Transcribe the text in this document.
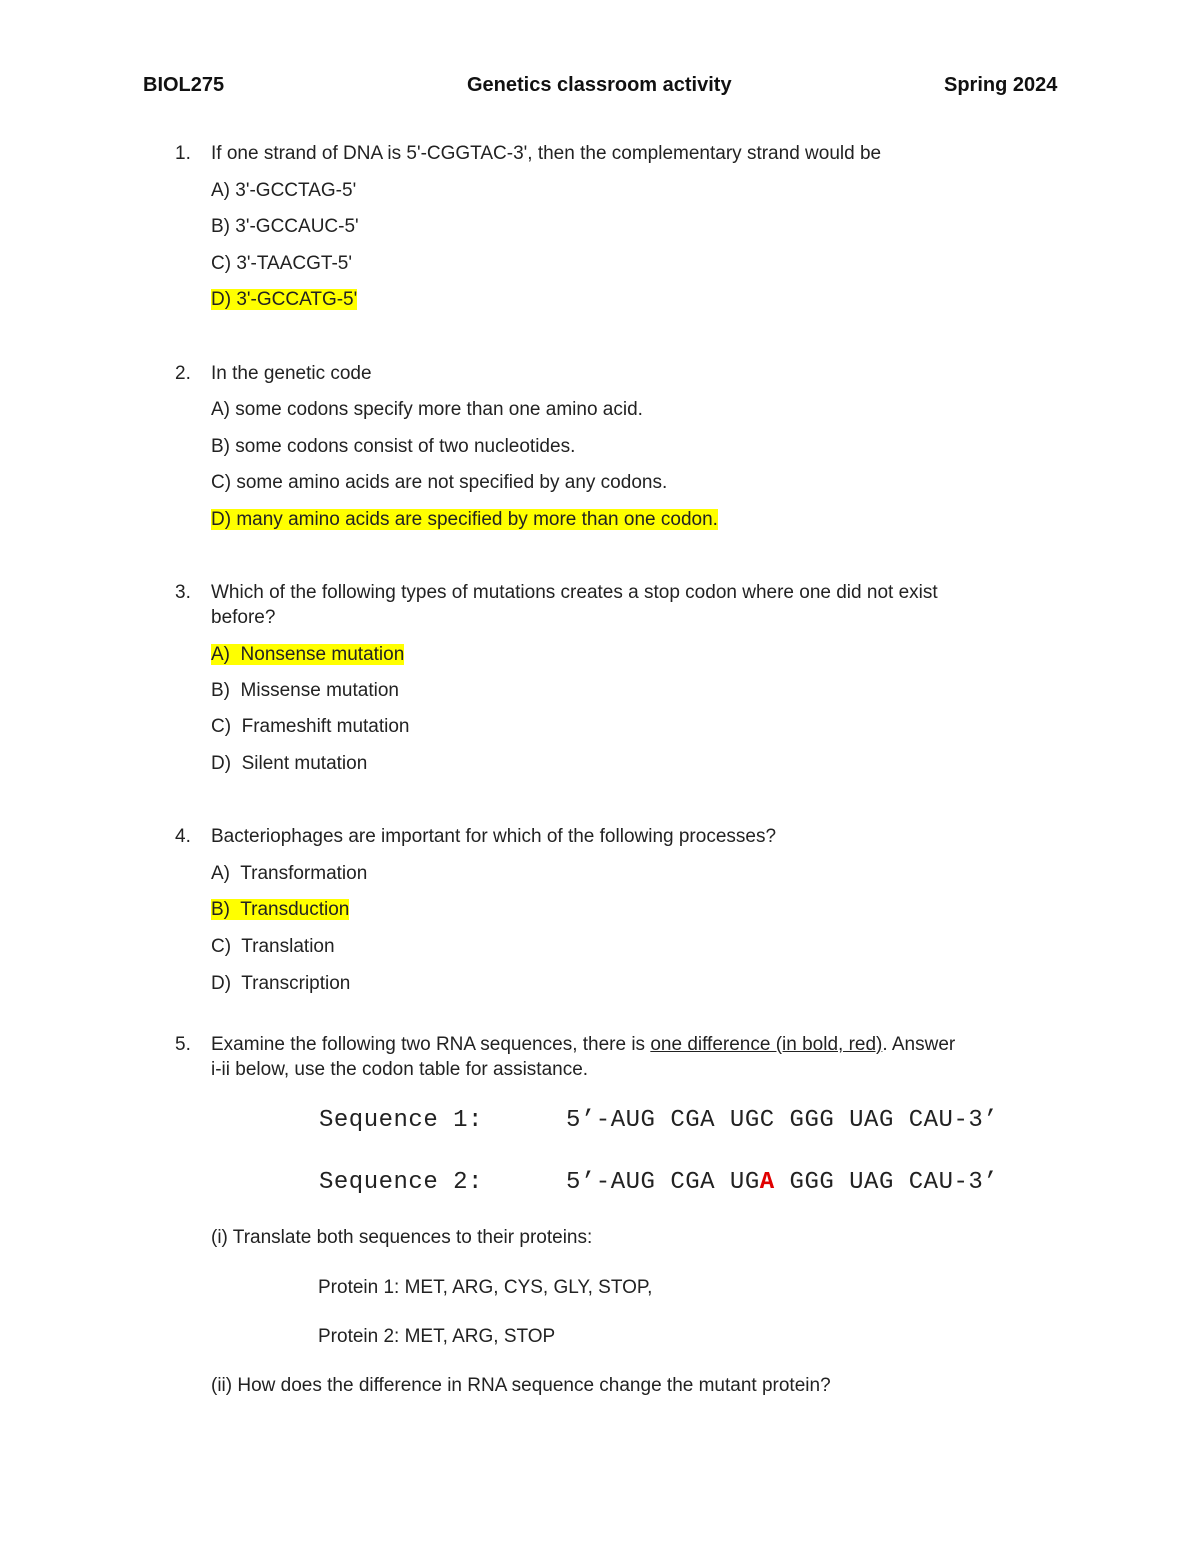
BIOL275	Genetics classroom activity	Spring 2024
1. If one strand of DNA is 5'-CGGTAC-3', then the complementary strand would be
A) 3'-GCCTAG-5'
B) 3'-GCCAUC-5'
C) 3'-TAACGT-5'
D) 3'-GCCATG-5'
2. In the genetic code
A) some codons specify more than one amino acid.
B) some codons consist of two nucleotides.
C) some amino acids are not specified by any codons.
D) many amino acids are specified by more than one codon.
3. Which of the following types of mutations creates a stop codon where one did not exist
before?
A)  Nonsense mutation
B)  Missense mutation
C)  Frameshift mutation
D)  Silent mutation
4. Bacteriophages are important for which of the following processes?
A)  Transformation
B)  Transduction
C)  Translation
D)  Transcription
5. Examine the following two RNA sequences, there is one difference (in bold, red). Answer
i-ii below, use the codon table for assistance.
Sequence 1:	5’-AUG CGA UGC GGG UAG CAU-3’
Sequence 2:	5’-AUG CGA UGA GGG UAG CAU-3’
(i) Translate both sequences to their proteins:
Protein 1: MET, ARG, CYS, GLY, STOP,
Protein 2: MET, ARG, STOP
(ii) How does the difference in RNA sequence change the mutant protein?
